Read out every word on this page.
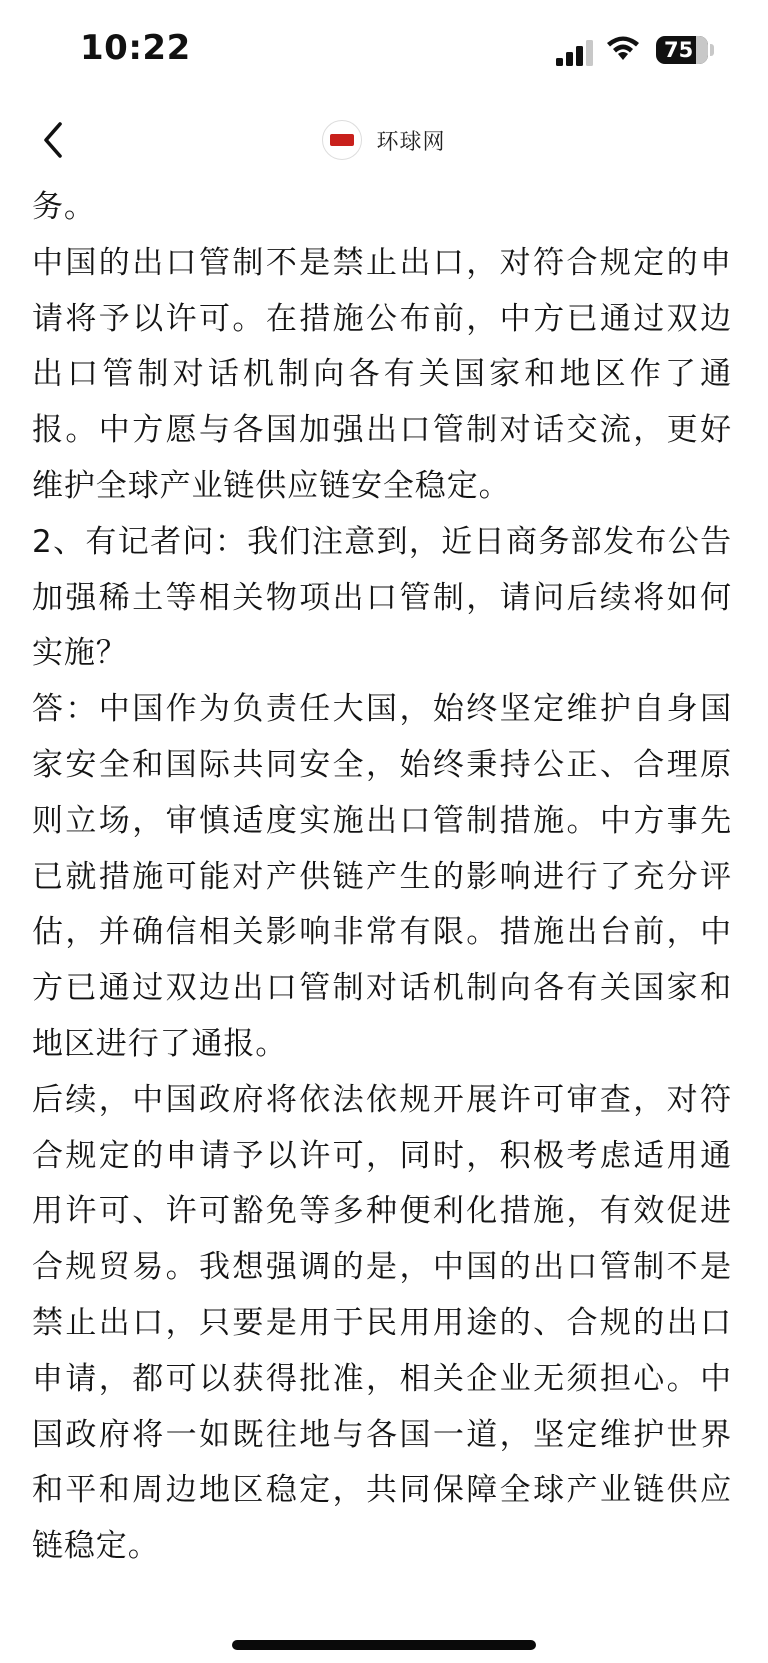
10:22	75
环球网

务。

中国的出口管制不是禁止出口，对符合规定的申请将予以许可。在措施公布前，中方已通过双边出口管制对话机制向各有关国家和地区作了通报。中方愿与各国加强出口管制对话交流，更好维护全球产业链供应链安全稳定。

2、有记者问：我们注意到，近日商务部发布公告加强稀土等相关物项出口管制，请问后续将如何实施？

答：中国作为负责任大国，始终坚定维护自身国家安全和国际共同安全，始终秉持公正、合理原则立场，审慎适度实施出口管制措施。中方事先已就措施可能对产供链产生的影响进行了充分评估，并确信相关影响非常有限。措施出台前，中方已通过双边出口管制对话机制向各有关国家和地区进行了通报。

后续，中国政府将依法依规开展许可审查，对符合规定的申请予以许可，同时，积极考虑适用通用许可、许可豁免等多种便利化措施，有效促进合规贸易。我想强调的是，中国的出口管制不是禁止出口，只要是用于民用用途的、合规的出口申请，都可以获得批准，相关企业无须担心。中国政府将一如既往地与各国一道，坚定维护世界和平和周边地区稳定，共同保障全球产业链供应链稳定。
